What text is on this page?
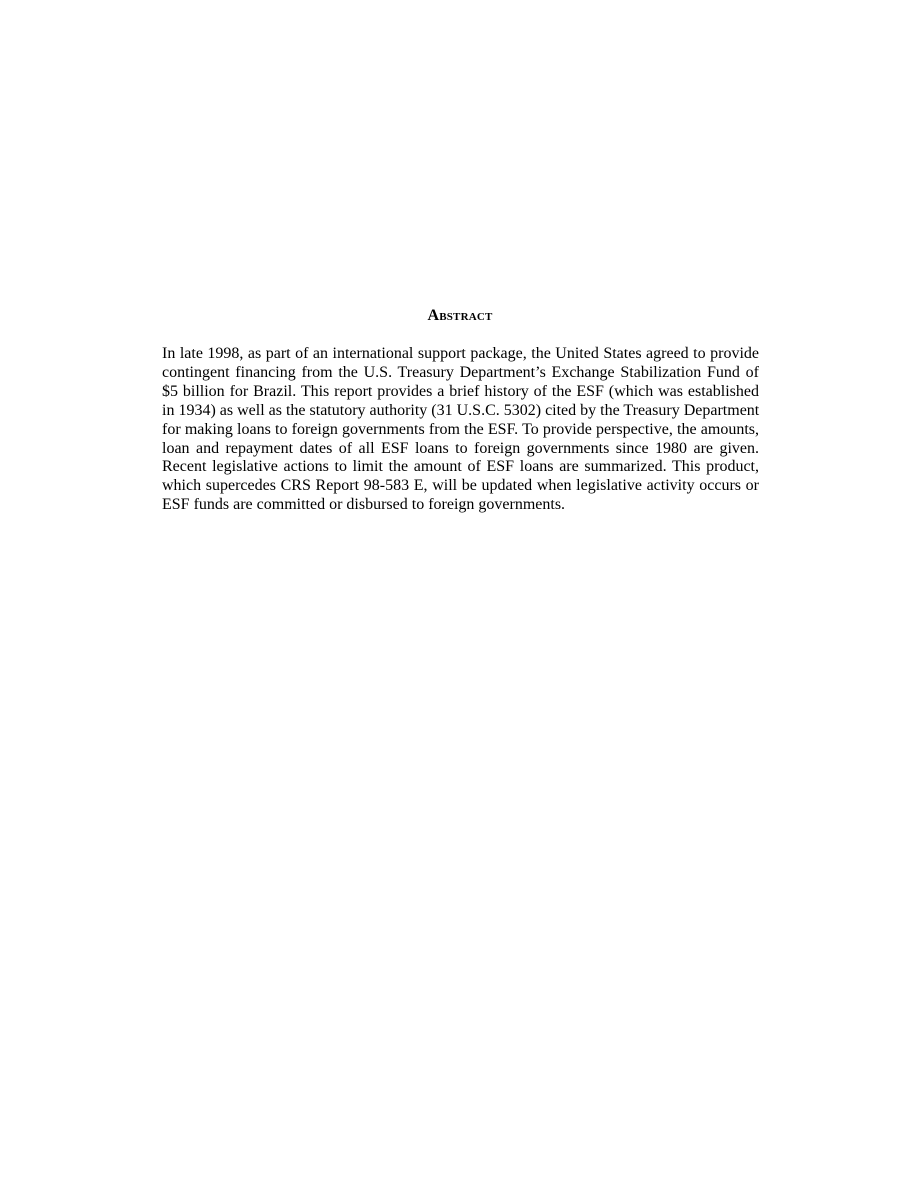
Abstract

In late 1998, as part of an international support package, the United States agreed to provide
contingent financing from the U.S. Treasury Department’s Exchange Stabilization Fund of
$5 billion for Brazil. This report provides a brief history of the ESF (which was established
in 1934) as well as the statutory authority (31 U.S.C. 5302) cited by the Treasury Department
for making loans to foreign governments from the ESF. To provide perspective, the amounts,
loan and repayment dates of all ESF loans to foreign governments since 1980 are given.
Recent legislative actions to limit the amount of ESF loans are summarized. This product,
which supercedes CRS Report 98-583 E, will be updated when legislative activity occurs or
ESF funds are committed or disbursed to foreign governments.
